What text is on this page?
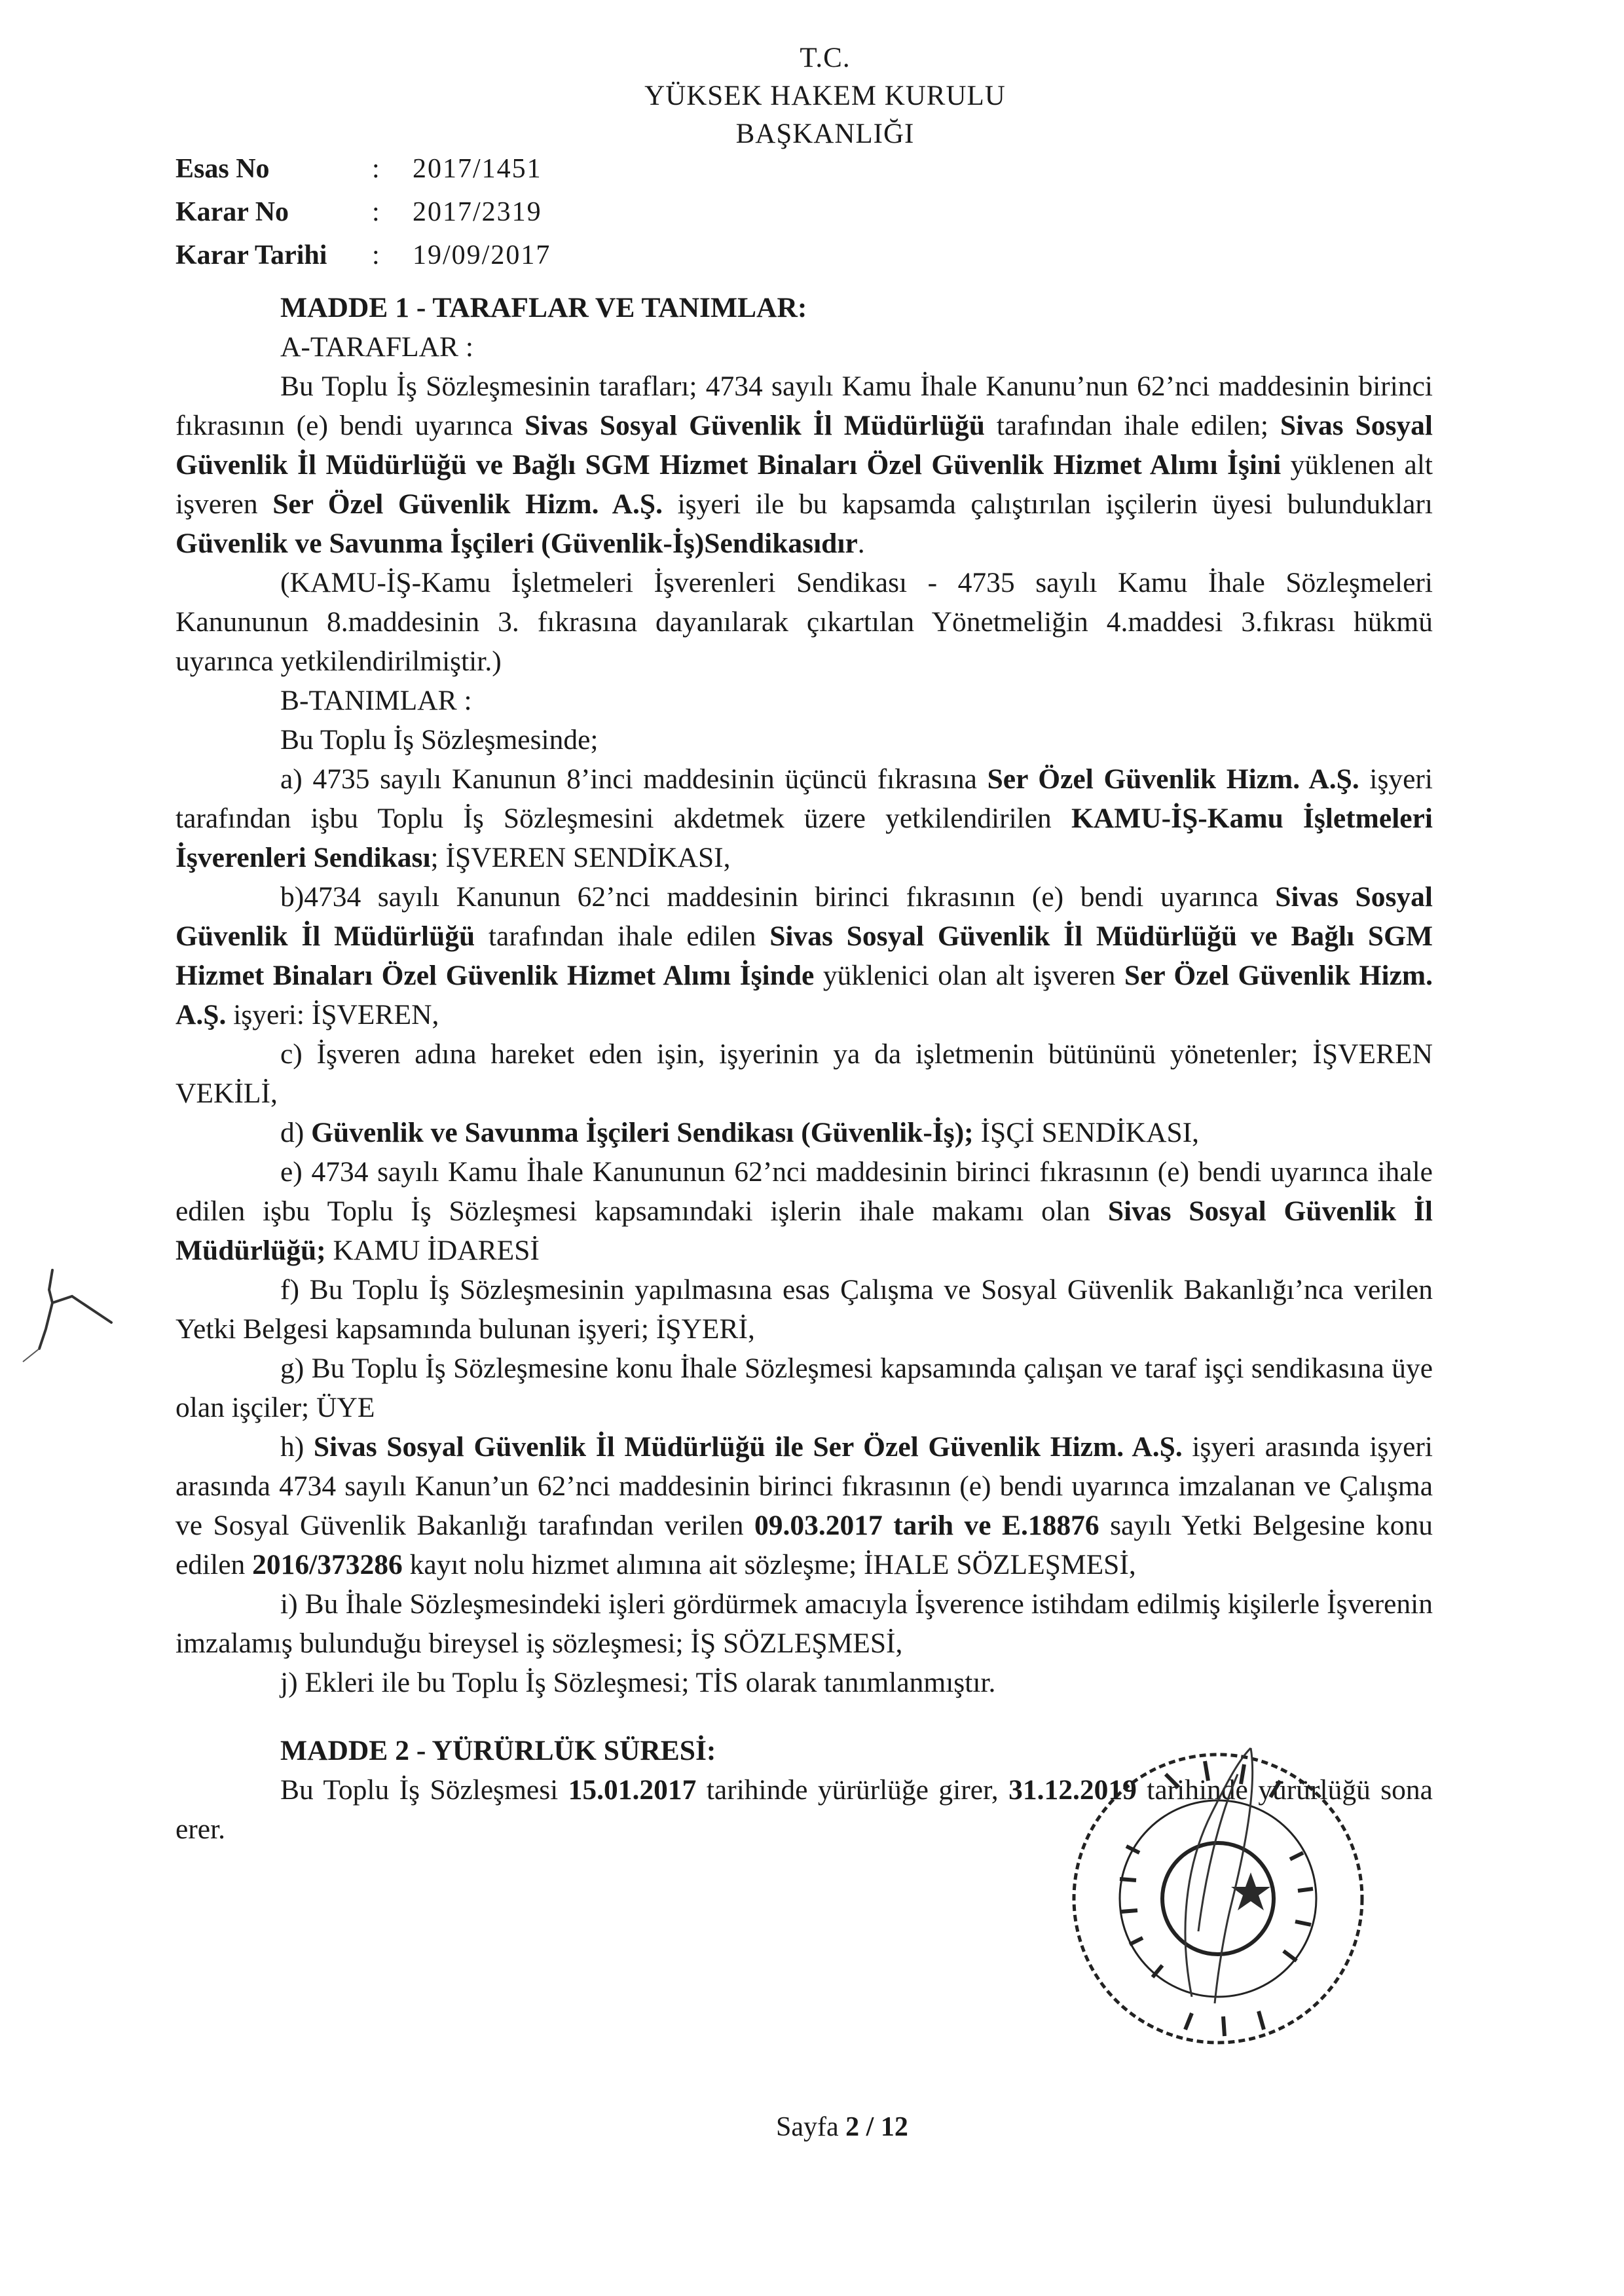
T.C.
YÜKSEK HAKEM KURULU
BAŞKANLIĞI
Esas No	:	2017/1451
Karar No	:	2017/2319
Karar Tarihi	:	19/09/2017

MADDE 1 - TARAFLAR VE TANIMLAR:

A-TARAFLAR :

Bu Toplu İş Sözleşmesinin tarafları; 4734 sayılı Kamu İhale Kanunu’nun 62’nci maddesinin birinci fıkrasının (e) bendi uyarınca Sivas Sosyal Güvenlik İl Müdürlüğü tarafından ihale edilen; Sivas Sosyal Güvenlik İl Müdürlüğü ve Bağlı SGM Hizmet Binaları Özel Güvenlik Hizmet Alımı İşini yüklenen alt işveren Ser Özel Güvenlik Hizm. A.Ş. işyeri ile bu kapsamda çalıştırılan işçilerin üyesi bulundukları Güvenlik ve Savunma İşçileri (Güvenlik-İş)Sendikasıdır.

(KAMU-İŞ-Kamu İşletmeleri İşverenleri Sendikası - 4735 sayılı Kamu İhale Sözleşmeleri Kanununun 8.maddesinin 3. fıkrasına dayanılarak çıkartılan Yönetmeliğin 4.maddesi 3.fıkrası hükmü uyarınca yetkilendirilmiştir.)

B-TANIMLAR :

Bu Toplu İş Sözleşmesinde;

a) 4735 sayılı Kanunun 8’inci maddesinin üçüncü fıkrasına Ser Özel Güvenlik Hizm. A.Ş. işyeri tarafından işbu Toplu İş Sözleşmesini akdetmek üzere yetkilendirilen KAMU-İŞ-Kamu İşletmeleri İşverenleri Sendikası; İŞVEREN SENDİKASI,

b)4734 sayılı Kanunun 62’nci maddesinin birinci fıkrasının (e) bendi uyarınca Sivas Sosyal Güvenlik İl Müdürlüğü tarafından ihale edilen Sivas Sosyal Güvenlik İl Müdürlüğü ve Bağlı SGM Hizmet Binaları Özel Güvenlik Hizmet Alımı İşinde yüklenici olan alt işveren Ser Özel Güvenlik Hizm. A.Ş. işyeri: İŞVEREN,

c) İşveren adına hareket eden işin, işyerinin ya da işletmenin bütününü yönetenler; İŞVEREN VEKİLİ,

d) Güvenlik ve Savunma İşçileri Sendikası (Güvenlik-İş); İŞÇİ SENDİKASI,

e) 4734 sayılı Kamu İhale Kanununun 62’nci maddesinin birinci fıkrasının (e) bendi uyarınca ihale edilen işbu Toplu İş Sözleşmesi kapsamındaki işlerin ihale makamı olan Sivas Sosyal Güvenlik İl Müdürlüğü; KAMU İDARESİ

f) Bu Toplu İş Sözleşmesinin yapılmasına esas Çalışma ve Sosyal Güvenlik Bakanlığı’nca verilen Yetki Belgesi kapsamında bulunan işyeri; İŞYERİ,

g) Bu Toplu İş Sözleşmesine konu İhale Sözleşmesi kapsamında çalışan ve taraf işçi sendikasına üye olan işçiler; ÜYE

h) Sivas Sosyal Güvenlik İl Müdürlüğü ile Ser Özel Güvenlik Hizm. A.Ş. işyeri arasında işyeri arasında 4734 sayılı Kanun’un 62’nci maddesinin birinci fıkrasının (e) bendi uyarınca imzalanan ve Çalışma ve Sosyal Güvenlik Bakanlığı tarafından verilen 09.03.2017 tarih ve E.18876 sayılı Yetki Belgesine konu edilen 2016/373286 kayıt nolu hizmet alımına ait sözleşme; İHALE SÖZLEŞMESİ,

i) Bu İhale Sözleşmesindeki işleri gördürmek amacıyla İşverence istihdam edilmiş kişilerle İşverenin imzalamış bulunduğu bireysel iş sözleşmesi; İŞ SÖZLEŞMESİ,

j) Ekleri ile bu Toplu İş Sözleşmesi; TİS olarak tanımlanmıştır.

MADDE 2 - YÜRÜRLÜK SÜRESİ:

Bu Toplu İş Sözleşmesi 15.01.2017 tarihinde yürürlüğe girer, 31.12.2019 tarihinde yürürlüğü sona erer.

Sayfa 2 / 12
